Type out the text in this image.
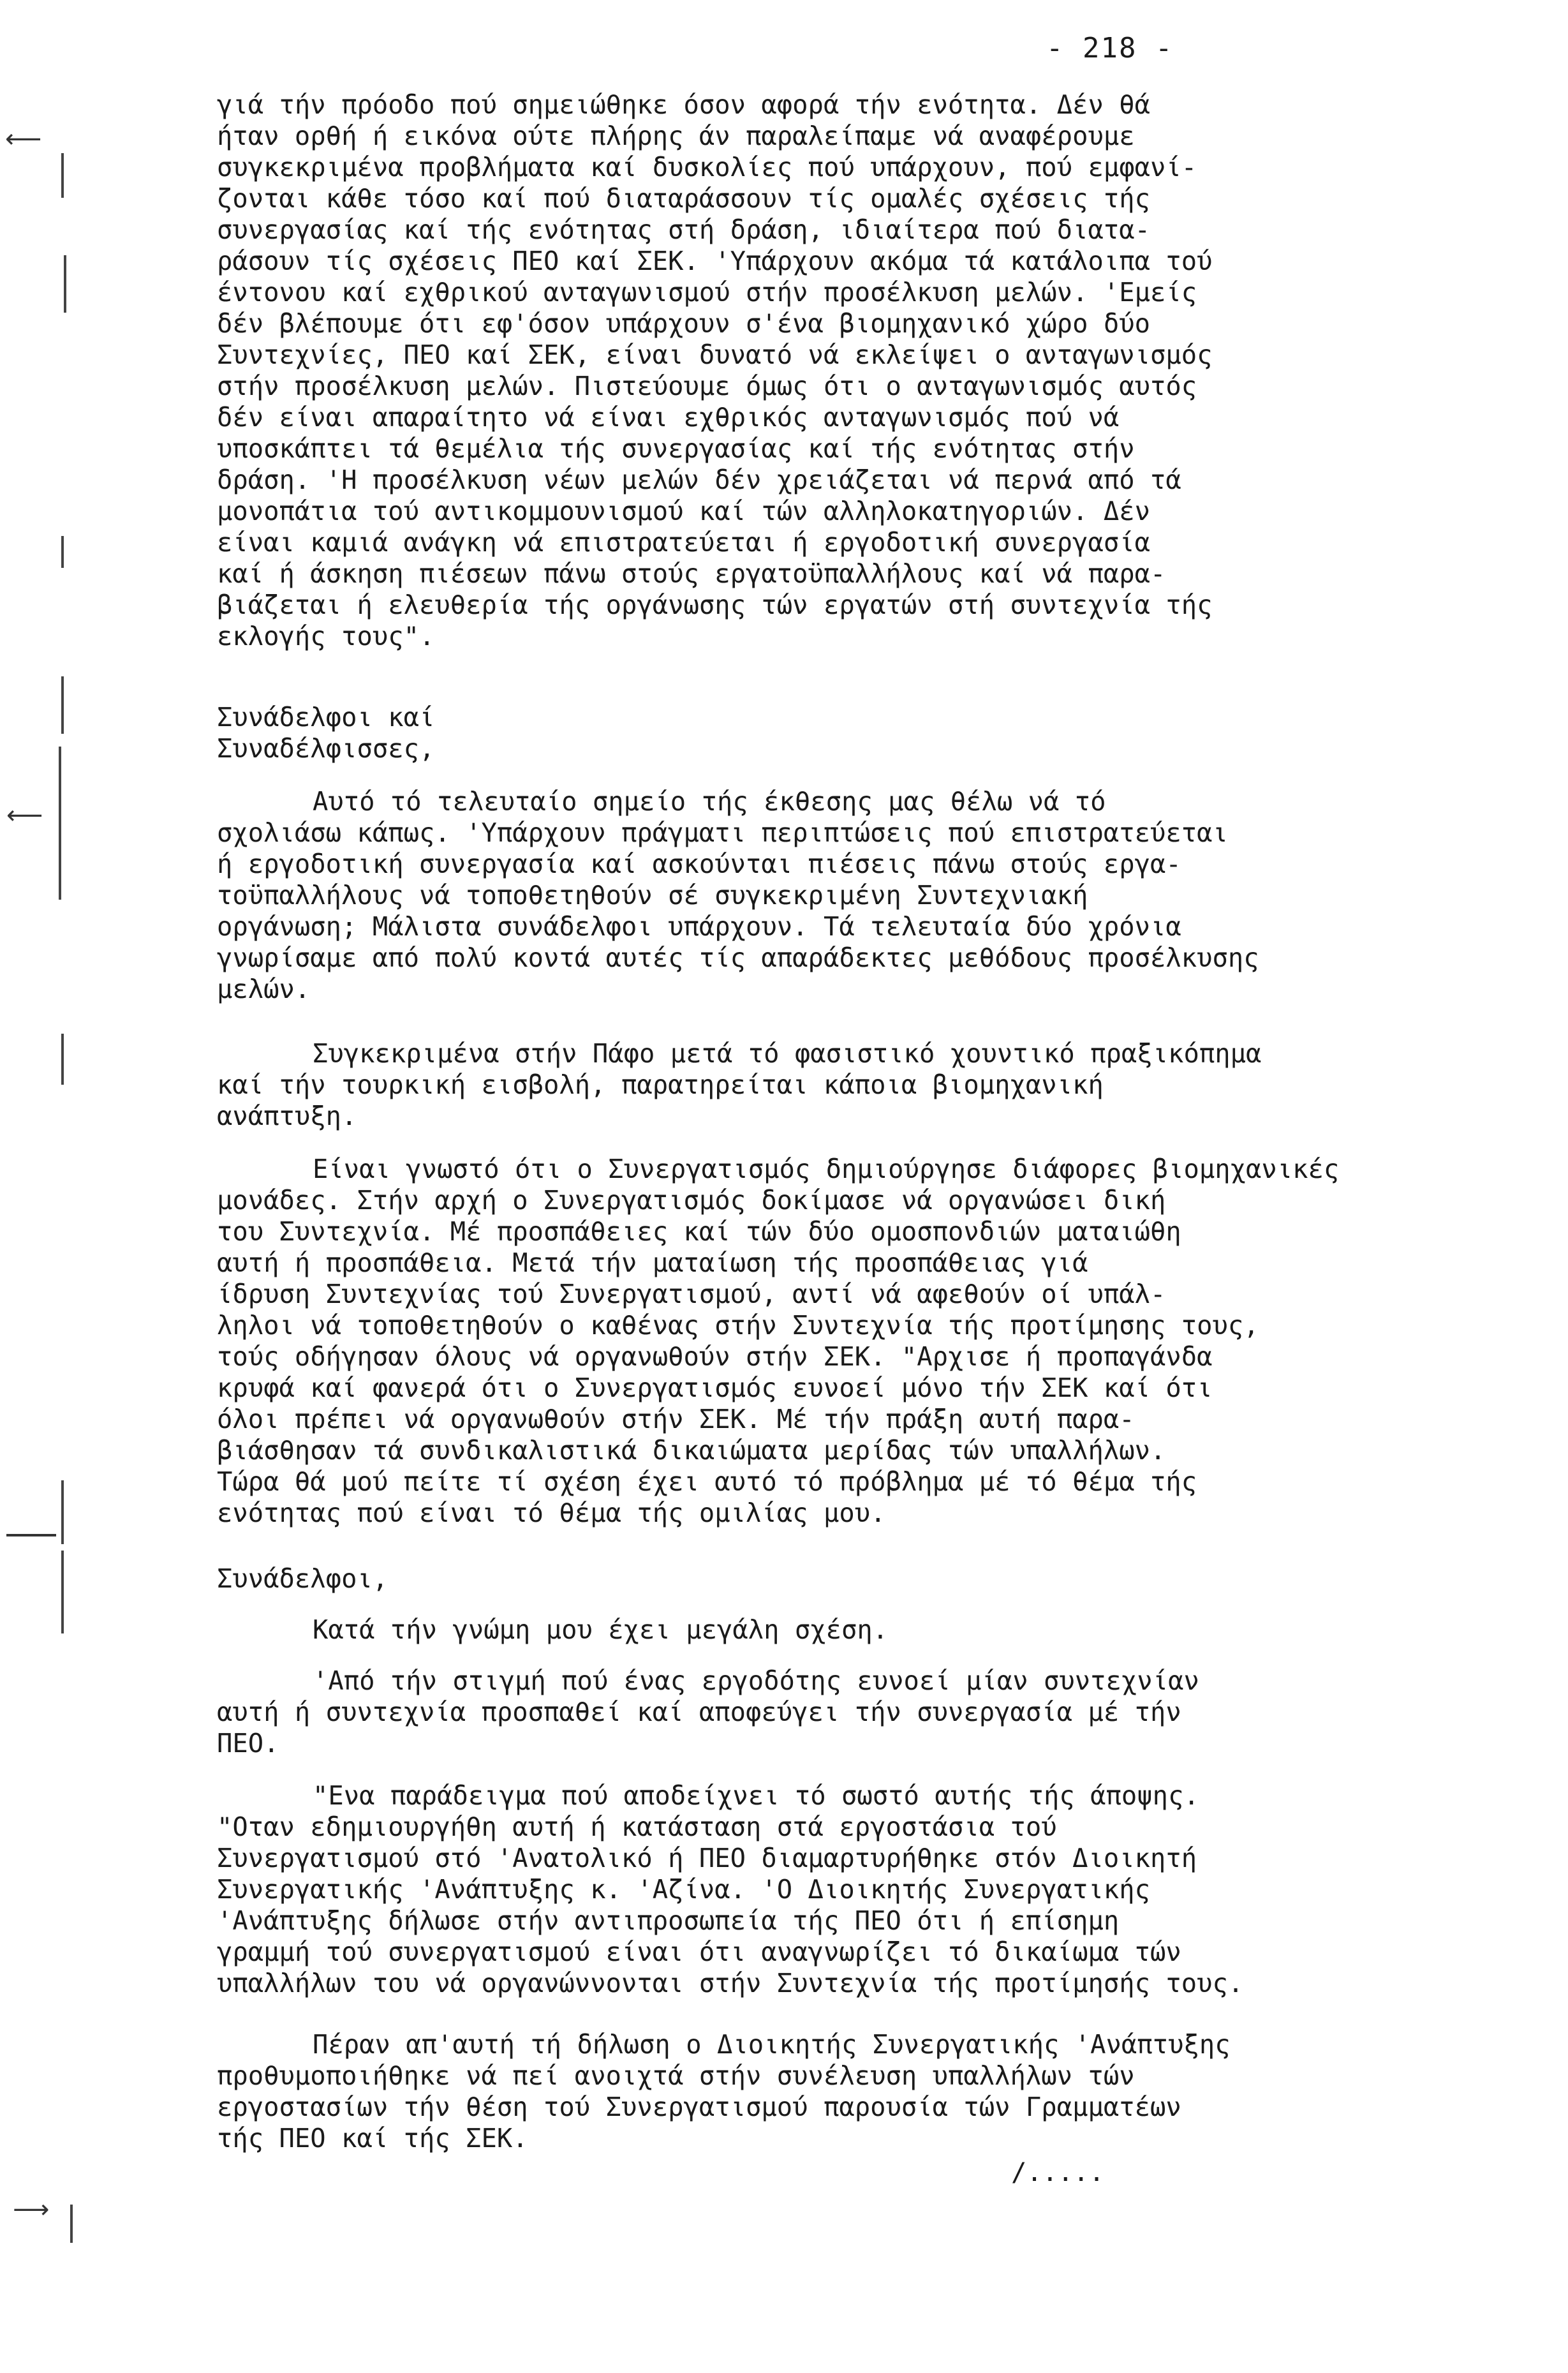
- 218 -
γιά τήν πρόοδο πού σημειώθηκε όσον αφορά τήν ενότητα. Δέν θά
ήταν ορθή ή εικόνα ούτε πλήρης άν παραλείπαμε νά αναφέρουμε
συγκεκριμένα προβλήματα καί δυσκολίες πού υπάρχουν, πού εμφανί-
ζονται κάθε τόσο καί πού διαταράσσουν τίς ομαλές σχέσεις τής
συνεργασίας καί τής ενότητας στή δράση, ιδιαίτερα πού διατα-
ράσουν τίς σχέσεις ΠΕΟ καί ΣΕΚ. 'Υπάρχουν ακόμα τά κατάλοιπα τού
έντονου καί εχθρικού ανταγωνισμού στήν προσέλκυση μελών. 'Εμείς
δέν βλέπουμε ότι εφ'όσον υπάρχουν σ'ένα βιομηχανικό χώρο δύο
Συντεχνίες, ΠΕΟ καί ΣΕΚ, είναι δυνατό νά εκλείψει ο ανταγωνισμός
στήν προσέλκυση μελών. Πιστεύουμε όμως ότι ο ανταγωνισμός αυτός
δέν είναι απαραίτητο νά είναι εχθρικός ανταγωνισμός πού νά
υποσκάπτει τά θεμέλια τής συνεργασίας καί τής ενότητας στήν
δράση. 'Η προσέλκυση νέων μελών δέν χρειάζεται νά περνά από τά
μονοπάτια τού αντικομμουνισμού καί τών αλληλοκατηγοριών. Δέν
είναι καμιά ανάγκη νά επιστρατεύεται ή εργοδοτική συνεργασία
καί ή άσκηση πιέσεων πάνω στούς εργατοϋπαλλήλους καί νά παρα-
βιάζεται ή ελευθερία τής οργάνωσης τών εργατών στή συντεχνία τής
εκλογής τους".
Συνάδελφοι καί
Συναδέλφισσες,
Αυτό τό τελευταίο σημείο τής έκθεσης μας θέλω νά τό
σχολιάσω κάπως. 'Υπάρχουν πράγματι περιπτώσεις πού επιστρατεύεται
ή εργοδοτική συνεργασία καί ασκούνται πιέσεις πάνω στούς εργα-
τοϋπαλλήλους νά τοποθετηθούν σέ συγκεκριμένη Συντεχνιακή
οργάνωση; Μάλιστα συνάδελφοι υπάρχουν. Τά τελευταία δύο χρόνια
γνωρίσαμε από πολύ κοντά αυτές τίς απαράδεκτες μεθόδους προσέλκυσης
μελών.
Συγκεκριμένα στήν Πάφο μετά τό φασιστικό χουντικό πραξικόπημα
καί τήν τουρκική εισβολή, παρατηρείται κάποια βιομηχανική
ανάπτυξη.
Είναι γνωστό ότι ο Συνεργατισμός δημιούργησε διάφορες βιομηχανικές
μονάδες. Στήν αρχή ο Συνεργατισμός δοκίμασε νά οργανώσει δική
του Συντεχνία. Μέ προσπάθειες καί τών δύο ομοσπονδιών ματαιώθη
αυτή ή προσπάθεια. Μετά τήν ματαίωση τής προσπάθειας γιά
ίδρυση Συντεχνίας τού Συνεργατισμού, αντί νά αφεθούν οί υπάλ-
ληλοι νά τοποθετηθούν ο καθένας στήν Συντεχνία τής προτίμησης τους,
τούς οδήγησαν όλους νά οργανωθούν στήν ΣΕΚ. "Αρχισε ή προπαγάνδα
κρυφά καί φανερά ότι ο Συνεργατισμός ευνοεί μόνο τήν ΣΕΚ καί ότι
όλοι πρέπει νά οργανωθούν στήν ΣΕΚ. Μέ τήν πράξη αυτή παρα-
βιάσθησαν τά συνδικαλιστικά δικαιώματα μερίδας τών υπαλλήλων.
Τώρα θά μού πείτε τί σχέση έχει αυτό τό πρόβλημα μέ τό θέμα τής
ενότητας πού είναι τό θέμα τής ομιλίας μου.
Συνάδελφοι,
Κατά τήν γνώμη μου έχει μεγάλη σχέση.
'Από τήν στιγμή πού ένας εργοδότης ευνοεί μίαν συντεχνίαν
αυτή ή συντεχνία προσπαθεί καί αποφεύγει τήν συνεργασία μέ τήν
ΠΕΟ.
"Ενα παράδειγμα πού αποδείχνει τό σωστό αυτής τής άποψης.
"Οταν εδημιουργήθη αυτή ή κατάσταση στά εργοστάσια τού
Συνεργατισμού στό 'Ανατολικό ή ΠΕΟ διαμαρτυρήθηκε στόν Διοικητή
Συνεργατικής 'Ανάπτυξης κ. 'Αζίνα. 'Ο Διοικητής Συνεργατικής
'Ανάπτυξης δήλωσε στήν αντιπροσωπεία τής ΠΕΟ ότι ή επίσημη
γραμμή τού συνεργατισμού είναι ότι αναγνωρίζει τό δικαίωμα τών
υπαλλήλων του νά οργανώννονται στήν Συντεχνία τής προτίμησής τους.
Πέραν απ'αυτή τή δήλωση ο Διοικητής Συνεργατικής 'Ανάπτυξης
προθυμοποιήθηκε νά πεί ανοιχτά στήν συνέλευση υπαλλήλων τών
εργοστασίων τήν θέση τού Συνεργατισμού παρουσία τών Γραμματέων
τής ΠΕΟ καί τής ΣΕΚ.
/.....
⟵
⟵
⟶
